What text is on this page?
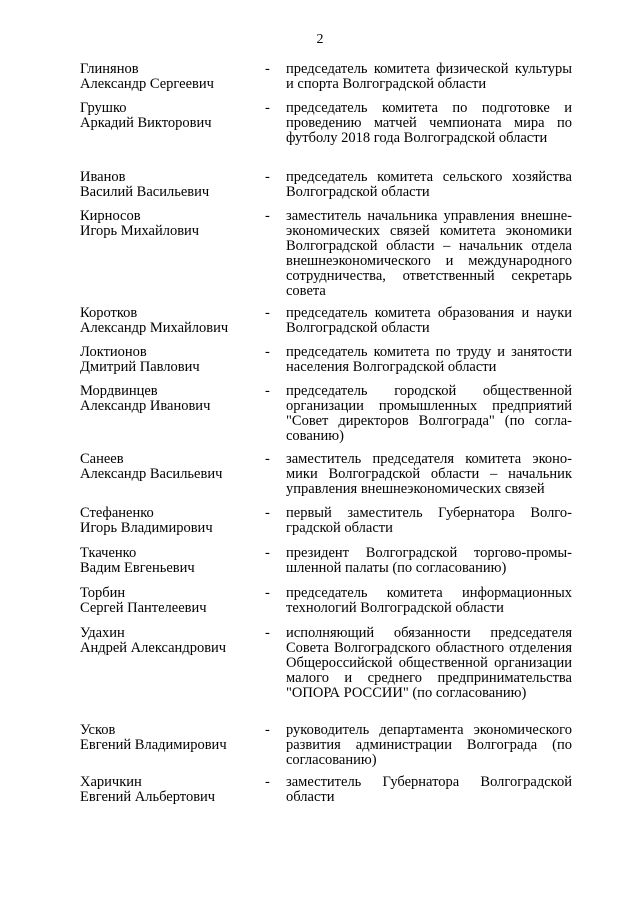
2
Глинянов
Александр Сергеевич
- председатель комитета физической культуры и спорта Волгоградской области
Грушко
Аркадий Викторович
- председатель комитета по подготовке и проведению матчей чемпионата мира по футболу 2018 года Волгоградской области
Иванов
Василий Васильевич
- председатель комитета сельского хозяйства Волгоградской области
Кирносов
Игорь Михайлович
- заместитель начальника управления внешнеэкономических связей комитета экономики Волгоградской области – начальник отдела внешнеэкономического и международного сотрудничества, ответственный секретарь совета
Коротков
Александр Михайлович
- председатель комитета образования и науки Волгоградской области
Локтионов
Дмитрий Павлович
- председатель комитета по труду и занятости населения Волгоградской области
Мордвинцев
Александр Иванович
- председатель городской общественной организации промышленных предприятий "Совет директоров Волгограда" (по согласованию)
Санеев
Александр Васильевич
- заместитель председателя комитета экономики Волгоградской области – начальник управления внешнеэкономических связей
Стефаненко
Игорь Владимирович
- первый заместитель Губернатора Волгоградской области
Ткаченко
Вадим Евгеньевич
- президент Волгоградской торгово-промышленной палаты (по согласованию)
Торбин
Сергей Пантелеевич
- председатель комитета информационных технологий Волгоградской области
Удахин
Андрей Александрович
- исполняющий обязанности председателя Совета Волгоградского областного отделения Общероссийской общественной организации малого и среднего предпринимательства "ОПОРА РОССИИ" (по согласованию)
Усков
Евгений Владимирович
- руководитель департамента экономического развития администрации Волгограда (по согласованию)
Харичкин
Евгений Альбертович
- заместитель Губернатора Волгоградской области
